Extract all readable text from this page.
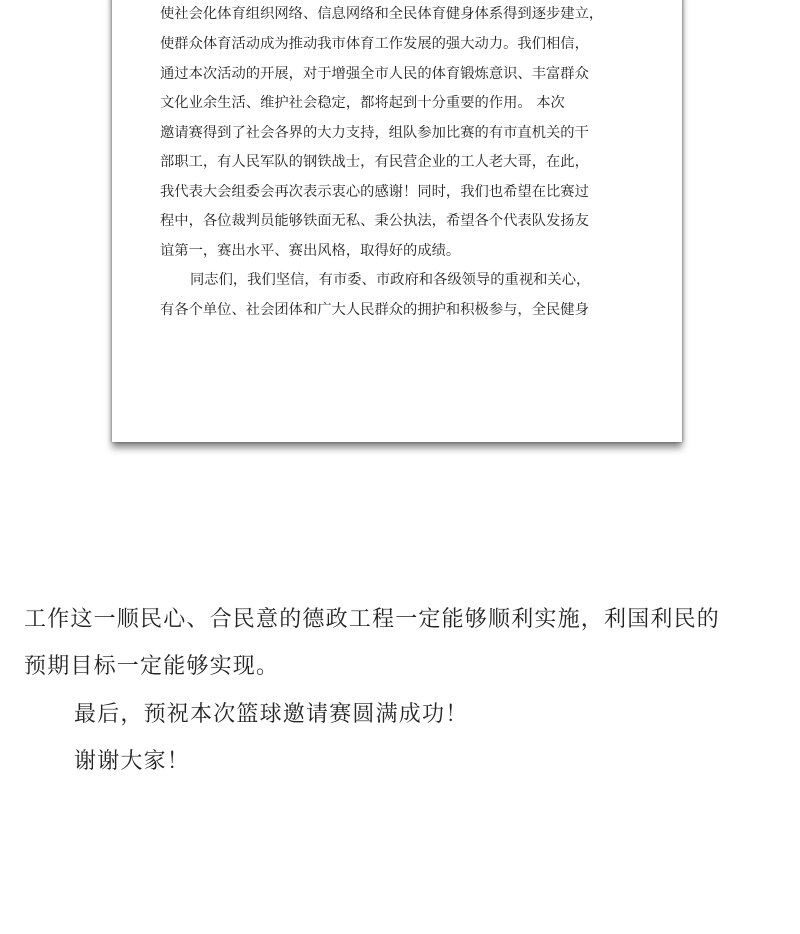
使社会化体育组织网络、信息网络和全民体育健身体系得到逐步建立，
使群众体育活动成为推动我市体育工作发展的强大动力。我们相信，
通过本次活动的开展，对于增强全市人民的体育锻炼意识、丰富群众
文化业余生活、维护社会稳定，都将起到十分重要的作用。 本次
邀请赛得到了社会各界的大力支持，组队参加比赛的有市直机关的干
部职工，有人民军队的钢铁战士，有民营企业的工人老大哥，在此，
我代表大会组委会再次表示衷心的感谢！同时，我们也希望在比赛过
程中，各位裁判员能够铁面无私、秉公执法，希望各个代表队发扬友
谊第一，赛出水平、赛出风格，取得好的成绩。
同志们，我们坚信，有市委、市政府和各级领导的重视和关心，
有各个单位、社会团体和广大人民群众的拥护和积极参与，全民健身
工作这一顺民心、合民意的德政工程一定能够顺利实施，利国利民的
预期目标一定能够实现。
最后，预祝本次篮球邀请赛圆满成功！
谢谢大家！
